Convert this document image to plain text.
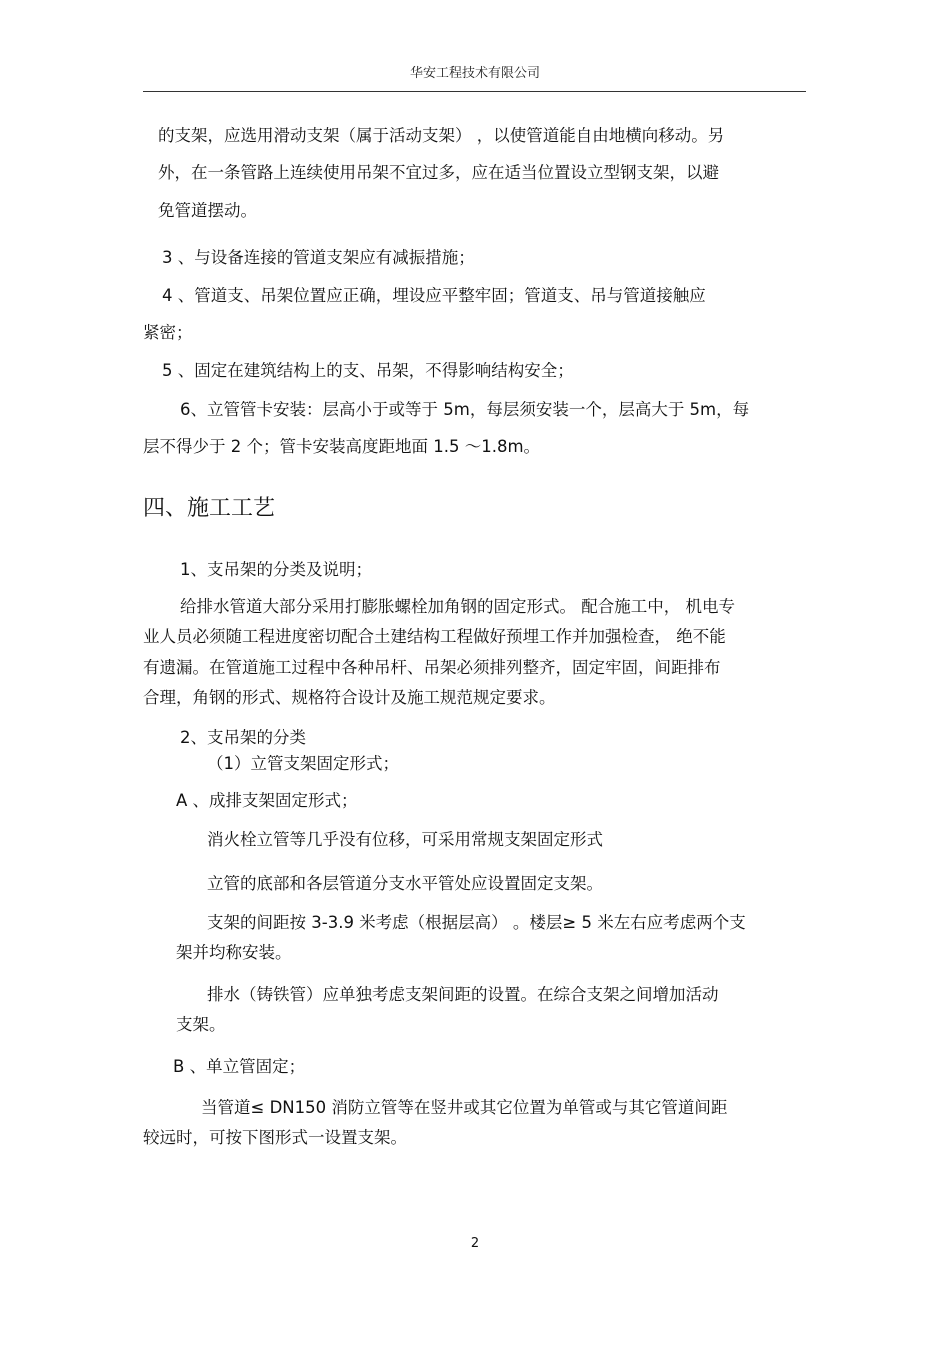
华安工程技术有限公司
的支架，应选用滑动支架（属于活动支架） ，以使管道能自由地横向移动。另
外，在一条管路上连续使用吊架不宜过多，应在适当位置设立型钢支架，以避
免管道摆动。
3 、与设备连接的管道支架应有减振措施；
4 、管道支、吊架位置应正确，埋设应平整牢固；管道支、吊与管道接触应
紧密；
5 、固定在建筑结构上的支、吊架，不得影响结构安全；
6、立管管卡安装：层高小于或等于 5m，每层须安装一个，层高大于 5m，每
层不得少于 2 个；管卡安装高度距地面 1.5 ～1.8m。
四、施工工艺
1、支吊架的分类及说明；
给排水管道大部分采用打膨胀螺栓加角钢的固定形式。 配合施工中， 机电专
业人员必须随工程进度密切配合土建结构工程做好预埋工作并加强检查， 绝不能
有遗漏。在管道施工过程中各种吊杆、吊架必须排列整齐，固定牢固，间距排布
合理，角钢的形式、规格符合设计及施工规范规定要求。
2、支吊架的分类
（1）立管支架固定形式；
A 、成排支架固定形式；
消火栓立管等几乎没有位移，可采用常规支架固定形式
立管的底部和各层管道分支水平管处应设置固定支架。
支架的间距按 3-3.9 米考虑（根据层高） 。楼层≥ 5 米左右应考虑两个支
架并均称安装。
排水（铸铁管）应单独考虑支架间距的设置。在综合支架之间增加活动
支架。
B 、单立管固定；
当管道≤ DN150 消防立管等在竖井或其它位置为单管或与其它管道间距
较远时，可按下图形式一设置支架。
2
